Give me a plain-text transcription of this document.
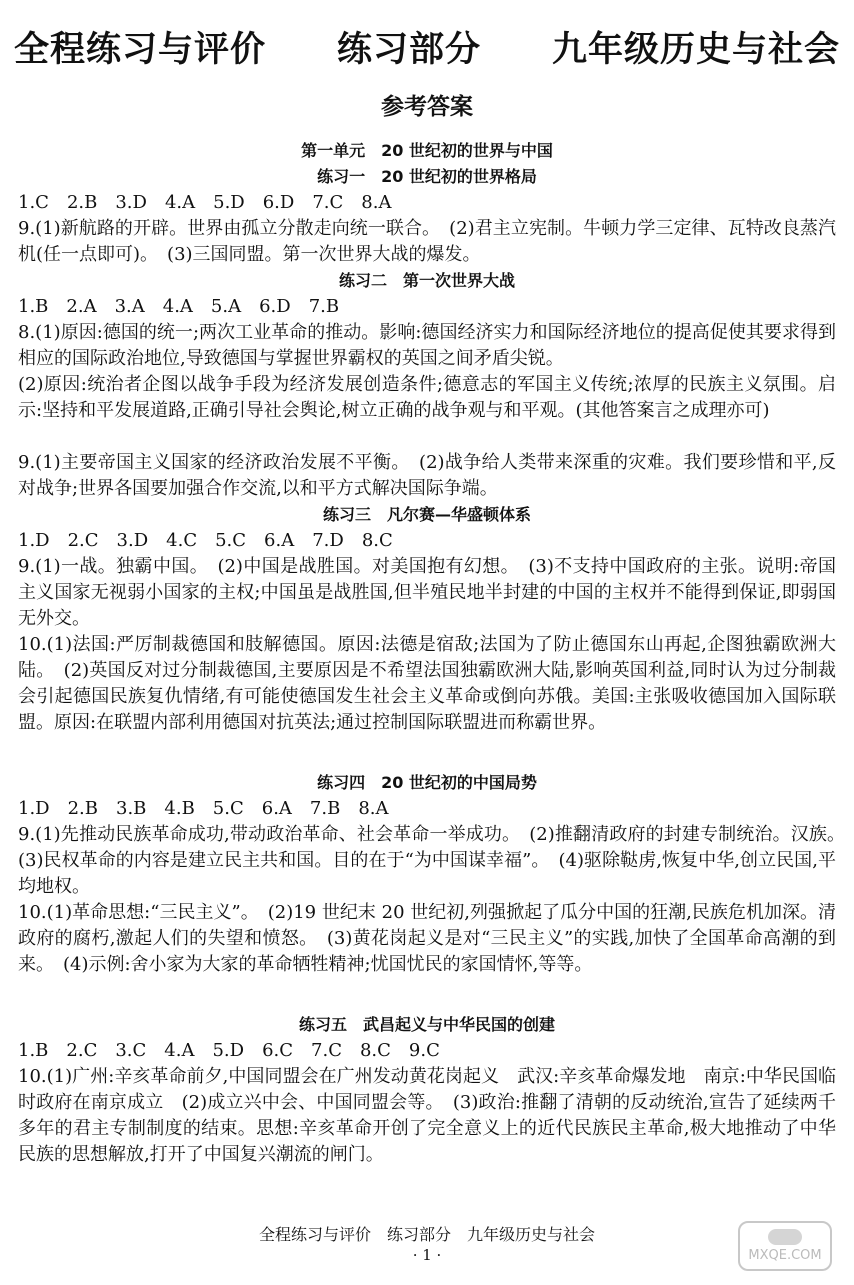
全程练习与评价 练习部分 九年级历史与社会
参考答案
第一单元　20 世纪初的世界与中国
练习一　20 世纪初的世界格局
1.C　2.B　3.D　4.A　5.D　6.D　7.C　8.A
9.(1)新航路的开辟。世界由孤立分散走向统一联合。　(2)君主立宪制。牛顿力学三定律、瓦特改良蒸汽机(任一点即可)。　(3)三国同盟。第一次世界大战的爆发。
练习二　第一次世界大战
1.B　2.A　3.A　4.A　5.A　6.D　7.B
8.(1)原因:德国的统一;两次工业革命的推动。影响:德国经济实力和国际经济地位的提高促使其要求得到相应的国际政治地位,导致德国与掌握世界霸权的英国之间矛盾尖锐。
(2)原因:统治者企图以战争手段为经济发展创造条件;德意志的军国主义传统;浓厚的民族主义氛围。启示:坚持和平发展道路,正确引导社会舆论,树立正确的战争观与和平观。(其他答案言之成理亦可)
9.(1)主要帝国主义国家的经济政治发展不平衡。　(2)战争给人类带来深重的灾难。我们要珍惜和平,反对战争;世界各国要加强合作交流,以和平方式解决国际争端。
练习三　凡尔赛—华盛顿体系
1.D　2.C　3.D　4.C　5.C　6.A　7.D　8.C
9.(1)一战。独霸中国。　(2)中国是战胜国。对美国抱有幻想。　(3)不支持中国政府的主张。说明:帝国主义国家无视弱小国家的主权;中国虽是战胜国,但半殖民地半封建的中国的主权并不能得到保证,即弱国无外交。
10.(1)法国:严厉制裁德国和肢解德国。原因:法德是宿敌;法国为了防止德国东山再起,企图独霸欧洲大陆。　(2)英国反对过分制裁德国,主要原因是不希望法国独霸欧洲大陆,影响英国利益,同时认为过分制裁会引起德国民族复仇情绪,有可能使德国发生社会主义革命或倒向苏俄。美国:主张吸收德国加入国际联盟。原因:在联盟内部利用德国对抗英法;通过控制国际联盟进而称霸世界。
练习四　20 世纪初的中国局势
1.D　2.B　3.B　4.B　5.C　6.A　7.B　8.A
9.(1)先推动民族革命成功,带动政治革命、社会革命一举成功。　(2)推翻清政府的封建专制统治。汉族。　(3)民权革命的内容是建立民主共和国。目的在于“为中国谋幸福”。　(4)驱除鞑虏,恢复中华,创立民国,平均地权。
10.(1)革命思想:“三民主义”。　(2)19 世纪末 20 世纪初,列强掀起了瓜分中国的狂潮,民族危机加深。清政府的腐朽,激起人们的失望和愤怒。　(3)黄花岗起义是对“三民主义”的实践,加快了全国革命高潮的到来。　(4)示例:舍小家为大家的革命牺牲精神;忧国忧民的家国情怀,等等。
练习五　武昌起义与中华民国的创建
1.B　2.C　3.C　4.A　5.D　6.C　7.C　8.C　9.C
10.(1)广州:辛亥革命前夕,中国同盟会在广州发动黄花岗起义　武汉:辛亥革命爆发地　南京:中华民国临时政府在南京成立　(2)成立兴中会、中国同盟会等。　(3)政治:推翻了清朝的反动统治,宣告了延续两千多年的君主专制制度的结束。思想:辛亥革命开创了完全意义上的近代民族民主革命,极大地推动了中华民族的思想解放,打开了中国复兴潮流的闸门。
全程练习与评价　练习部分　九年级历史与社会
· 1 ·	MXQE.COM
